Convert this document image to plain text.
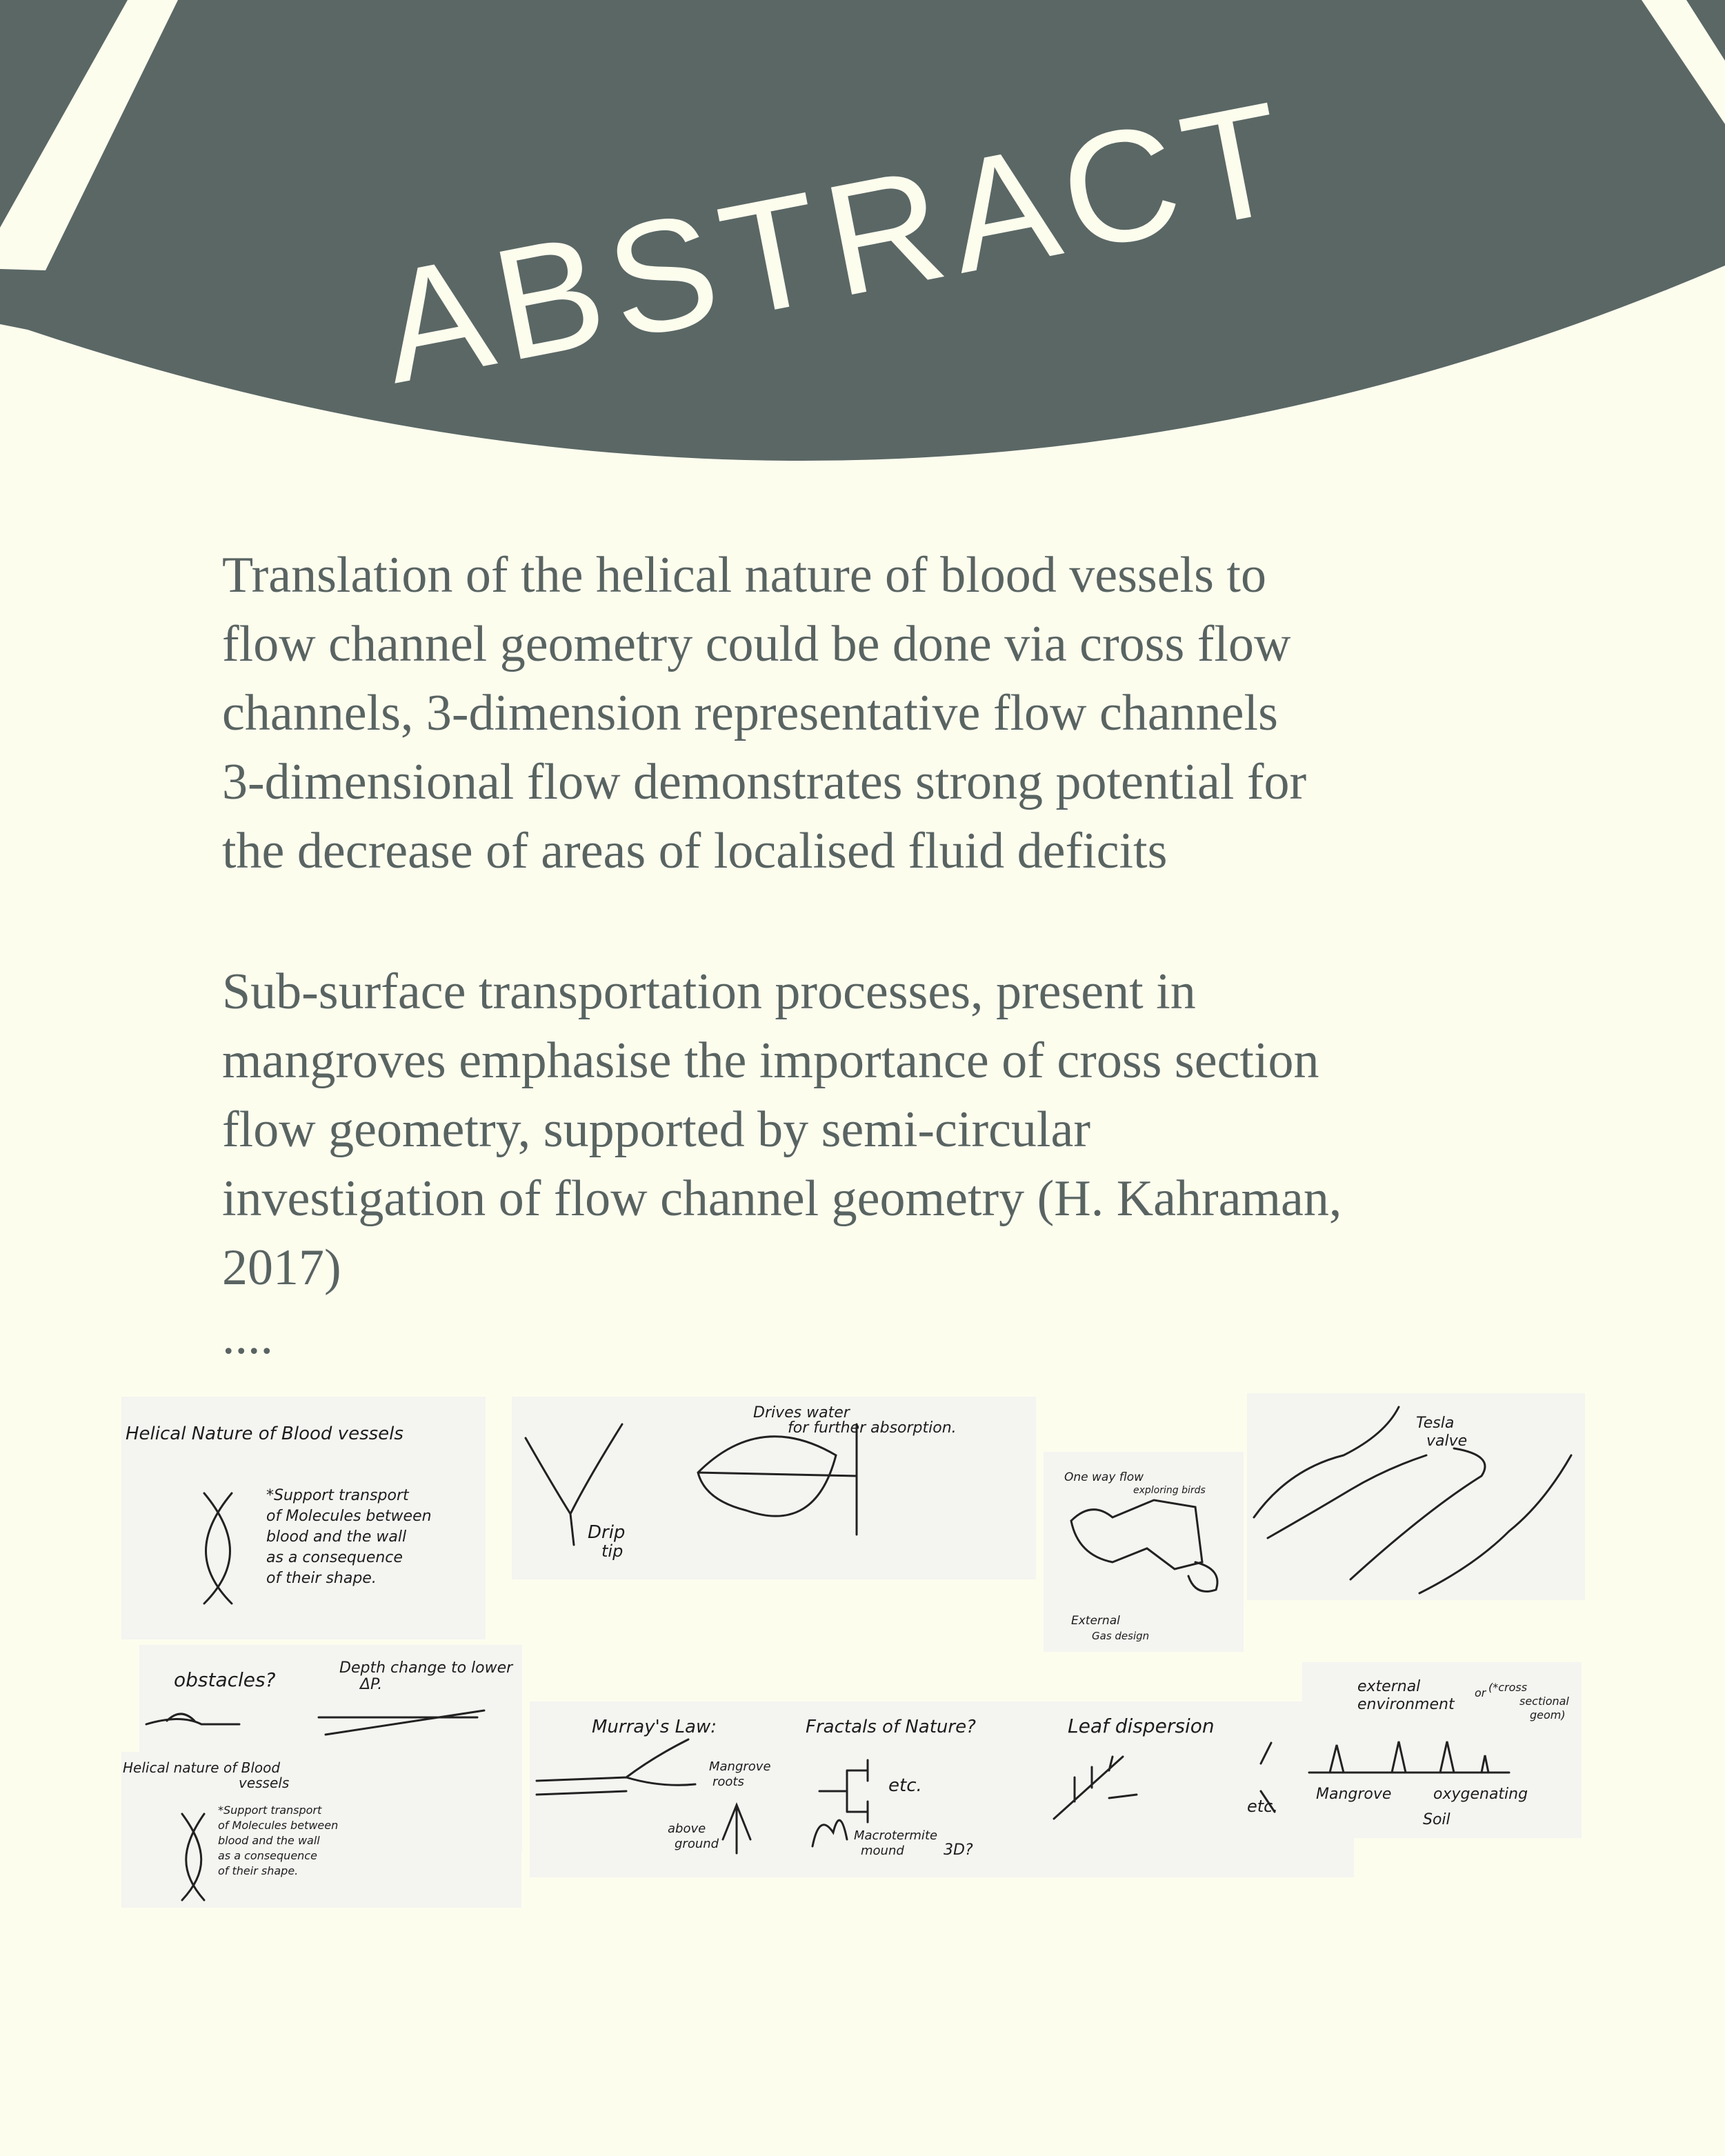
ABSTRACT
Translation of the helical nature of blood vessels to
flow channel geometry could be done via cross flow
channels, 3-dimension representative flow channels
3-dimensional flow demonstrates strong potential for
the decrease of areas of localised fluid deficits
Sub-surface transportation processes, present in
mangroves emphasise the importance of cross section
flow geometry, supported by semi-circular
investigation of flow channel geometry (H. Kahraman,
2017)
....
Helical Nature of Blood vessels
*Support transport
of Molecules between
blood and the wall
as a consequence
of their shape.
Drip
tip
Drives water
for further absorption.
One way flow
exploring birds
External
Gas design
Tesla
valve
obstacles?
Depth change to lower
ΔP.
Helical nature of Blood
vessels
*Support transport
of Molecules between
blood and the wall
as a consequence
of their shape.
Murray's Law:	Fractals of Nature?
Mangrove
roots	etc.
above
ground
Macrotermite
mound	3D?
Leaf dispersion
etc.
external
environment
or (*cross
sectional
geom)
Mangrove	oxygenating
Soil
